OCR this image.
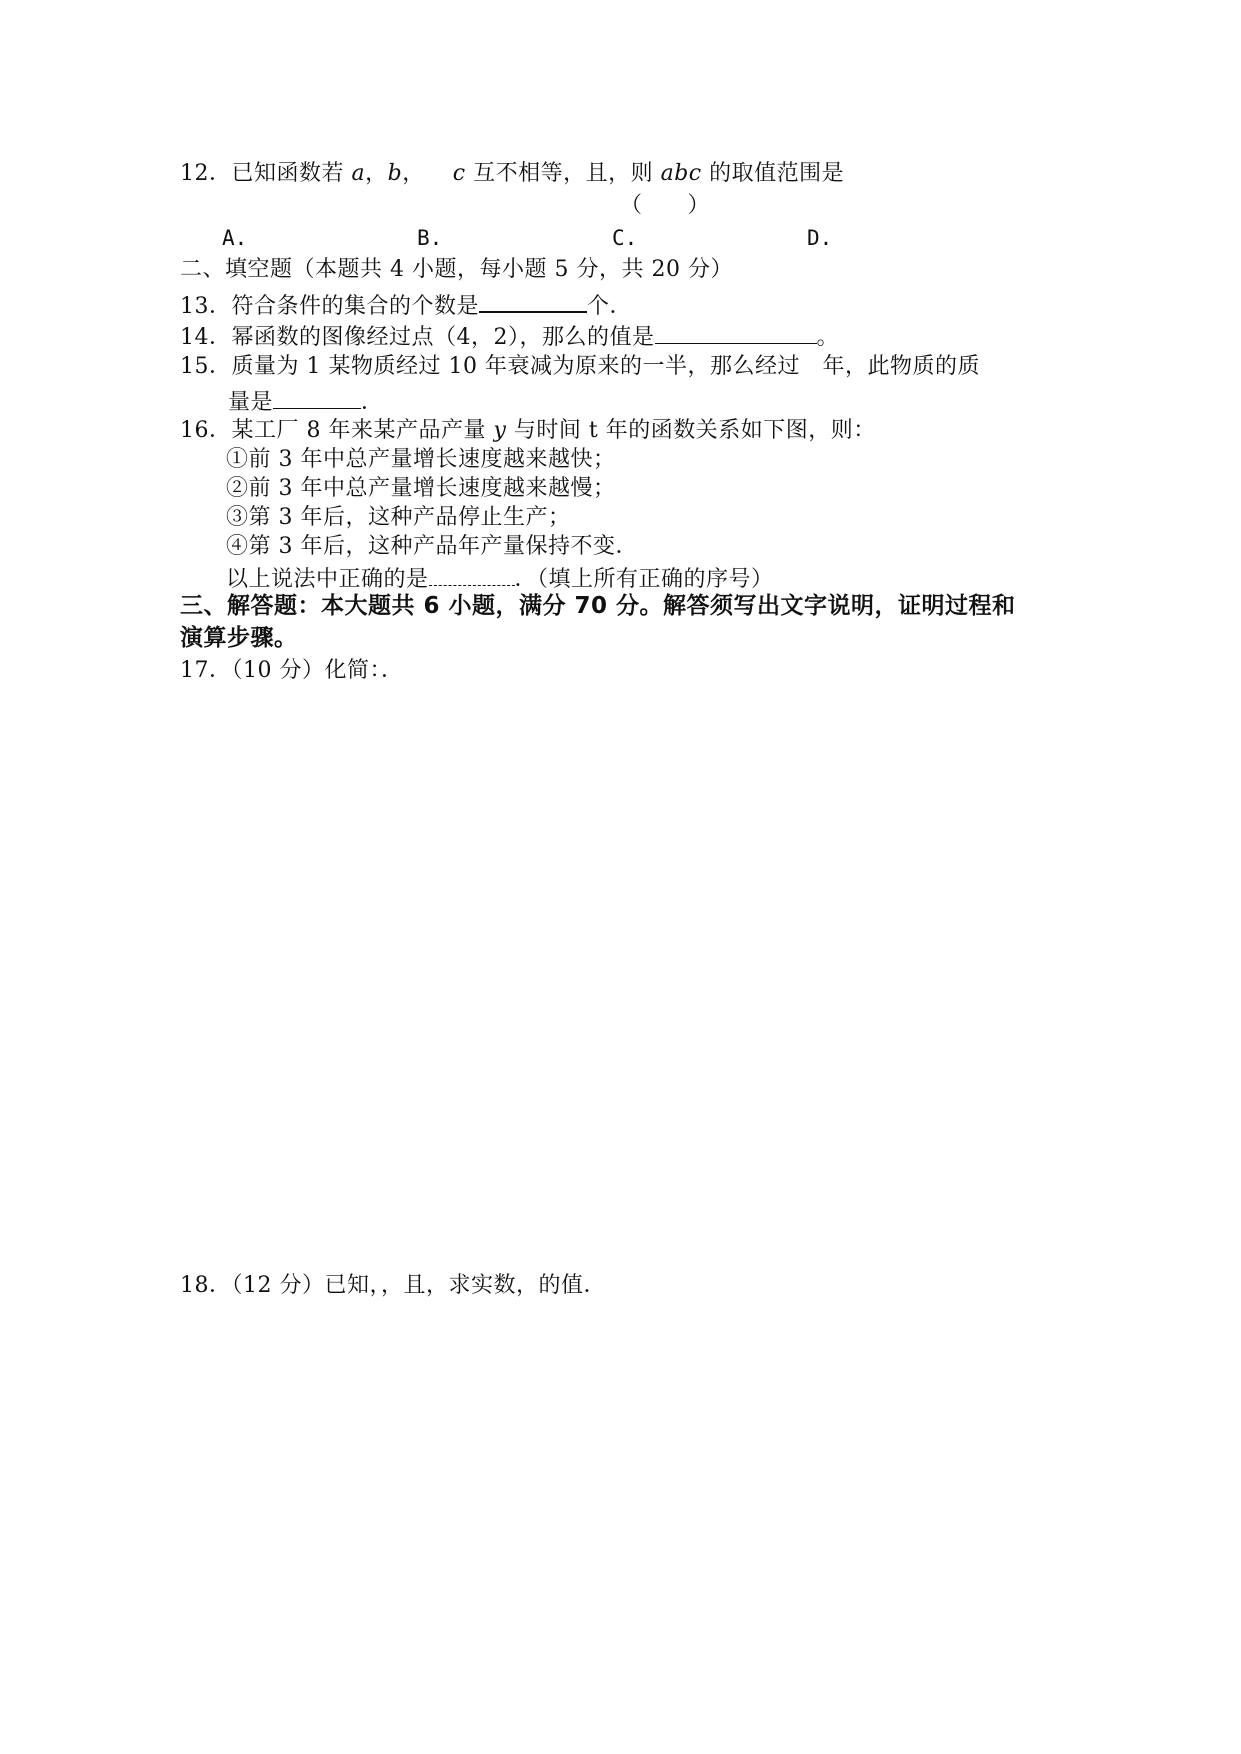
12．已知函数若 a，b， c 互不相等，且，则 abc 的取值范围是
（　　）
A.	B.	C.	D.
二、填空题（本题共 4 小题，每小题 5 分，共 20 分）
13．符合条件的集合的个数是	个．
14．幂函数的图像经过点（4，2），那么的值是	。
15．质量为 1 某物质经过 10 年衰减为原来的一半，那么经过　年，此物质的质
量是	．
16．某工厂 8 年来某产品产量 y 与时间 t 年的函数关系如下图，则：
①前 3 年中总产量增长速度越来越快；
②前 3 年中总产量增长速度越来越慢；
③第 3 年后，这种产品停止生产；
④第 3 年后，这种产品年产量保持不变．
以上说法中正确的是	．（填上所有正确的序号）
三、解答题：本大题共 6 小题，满分 70 分。解答须写出文字说明，证明过程和
演算步骤。
17．（10 分）化简：．
18．（12 分）已知，，且，求实数，的值．
